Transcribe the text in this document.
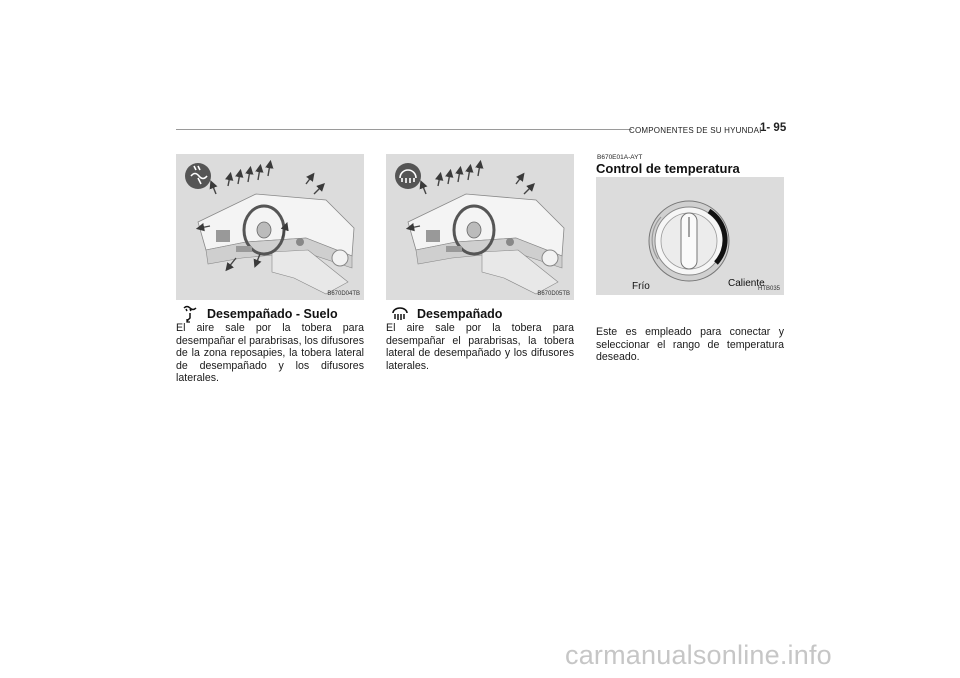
COMPONENTES DE SU HYUNDAI
1- 95
B670D04TB	B670D05TB
Frío	Caliente
HTB035
Desempañado - Suelo
El aire sale por la tobera para desempañar el parabrisas, los difusores de la zona reposapies, la tobera lateral de desempañado y los difusores laterales.
Desempañado
El aire sale por la tobera para desempañar el parabrisas, la tobera lateral de desempañado y los difusores laterales.
B670E01A-AYT
Control de temperatura
Este es empleado para conectar y seleccionar el rango de temperatura deseado.
carmanualsonline.info
